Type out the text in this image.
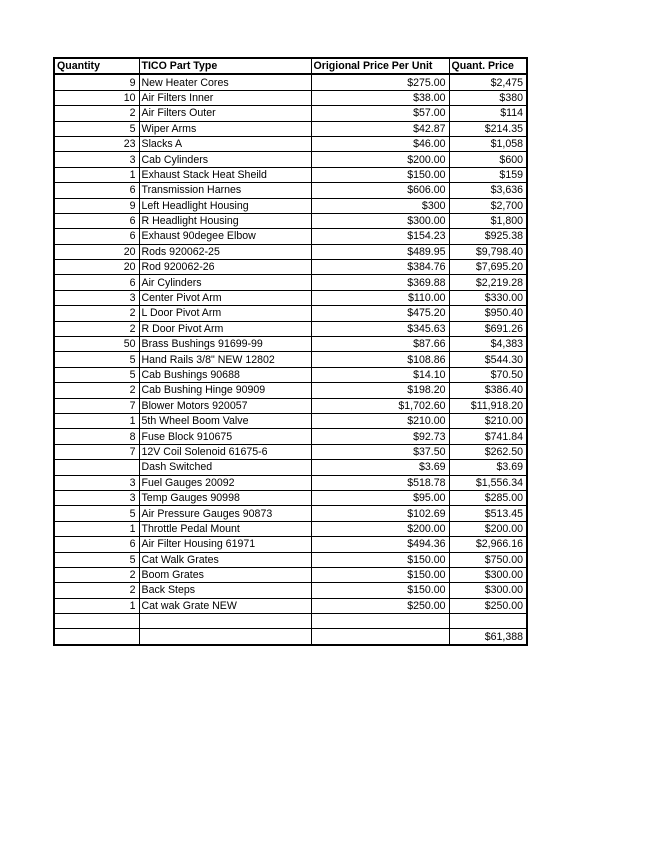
Quantity	TICO Part Type	Origional Price Per Unit	Quant. Price
9	New Heater Cores	$275.00	$2,475
10	Air Filters Inner	$38.00	$380
2	Air Filters Outer	$57.00	$114
5	Wiper Arms	$42.87	$214.35
23	Slacks A	$46.00	$1,058
3	Cab Cylinders	$200.00	$600
1	Exhaust Stack Heat Sheild	$150.00	$159
6	Transmission Harnes	$606.00	$3,636
9	Left Headlight Housing	$300	$2,700
6	R Headlight Housing	$300.00	$1,800
6	Exhaust 90degee Elbow	$154.23	$925.38
20	Rods 920062-25	$489.95	$9,798.40
20	Rod 920062-26	$384.76	$7,695.20
6	Air Cylinders	$369.88	$2,219.28
3	Center Pivot Arm	$110.00	$330.00
2	L Door Pivot Arm	$475.20	$950.40
2	R Door Pivot Arm	$345.63	$691.26
50	Brass Bushings 91699-99	$87.66	$4,383
5	Hand Rails 3/8" NEW 12802	$108.86	$544.30
5	Cab Bushings 90688	$14.10	$70.50
2	Cab Bushing Hinge 90909	$198.20	$386.40
7	Blower Motors 920057	$1,702.60	$11,918.20
1	5th Wheel Boom Valve	$210.00	$210.00
8	Fuse Block 910675	$92.73	$741.84
7	12V Coil Solenoid 61675-6	$37.50	$262.50
	Dash Switched	$3.69	$3.69
3	Fuel Gauges 20092	$518.78	$1,556.34
3	Temp Gauges 90998	$95.00	$285.00
5	Air Pressure Gauges 90873	$102.69	$513.45
1	Throttle Pedal Mount	$200.00	$200.00
6	Air Filter Housing 61971	$494.36	$2,966.16
5	Cat Walk Grates	$150.00	$750.00
2	Boom Grates	$150.00	$300.00
2	Back Steps	$150.00	$300.00
1	Cat wak Grate NEW	$250.00	$250.00

			$61,388
